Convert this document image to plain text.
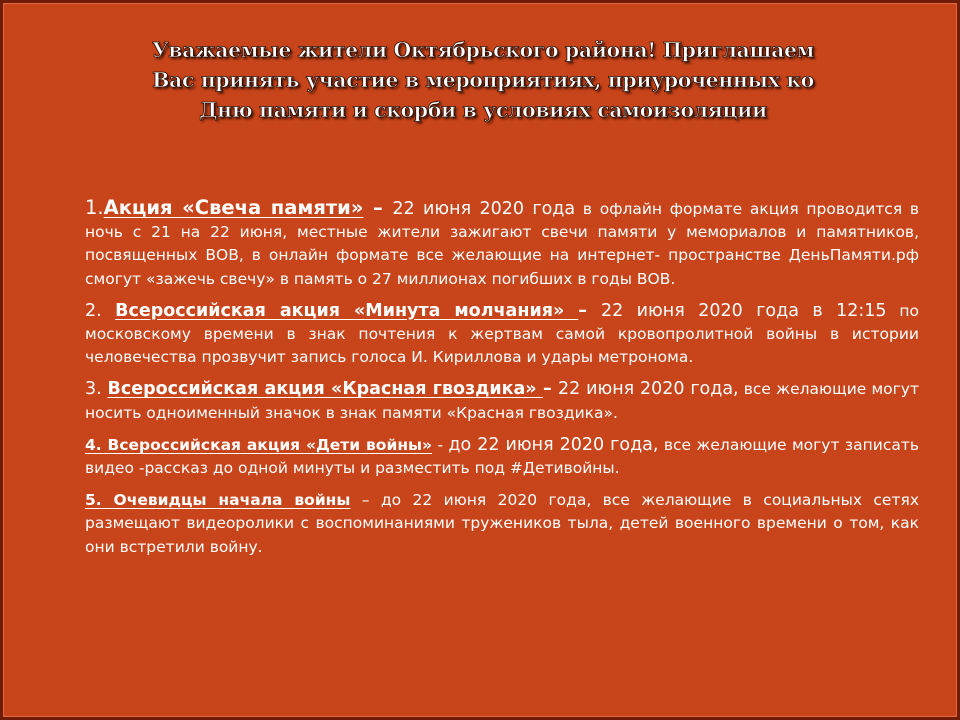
Уважаемые жители Октябрьского района! Приглашаем
Вас принять участие в мероприятиях, приуроченных ко
Дню памяти и скорби в условиях самоизоляции
1.Акция «Свеча памяти» – 22 июня 2020 года в офлайн формате акция проводится в ночь с 21 на 22 июня, местные жители зажигают свечи памяти у мемориалов и памятников, посвященных ВОВ, в онлайн формате все желающие на интернет- пространстве ДеньПамяти.рф смогут «зажечь свечу» в память о 27 миллионах погибших в годы ВОВ.
2. Всероссийская акция «Минута молчания» – 22 июня 2020 года в 12:15 по московскому времени в знак почтения к жертвам самой кровопролитной войны в истории человечества прозвучит запись голоса И. Кириллова и удары метронома.
3. Всероссийская акция «Красная гвоздика» – 22 июня 2020 года, все желающие могут носить одноименный значок в знак памяти «Красная гвоздика».
4. Всероссийская акция «Дети войны» - до 22 июня 2020 года, все желающие могут записать видео -рассказ до одной минуты и разместить под #Детивойны.
5. Очевидцы начала войны – до 22 июня 2020 года, все желающие в социальных сетях размещают видеоролики с воспоминаниями тружеников тыла, детей военного времени о том, как они встретили войну.
